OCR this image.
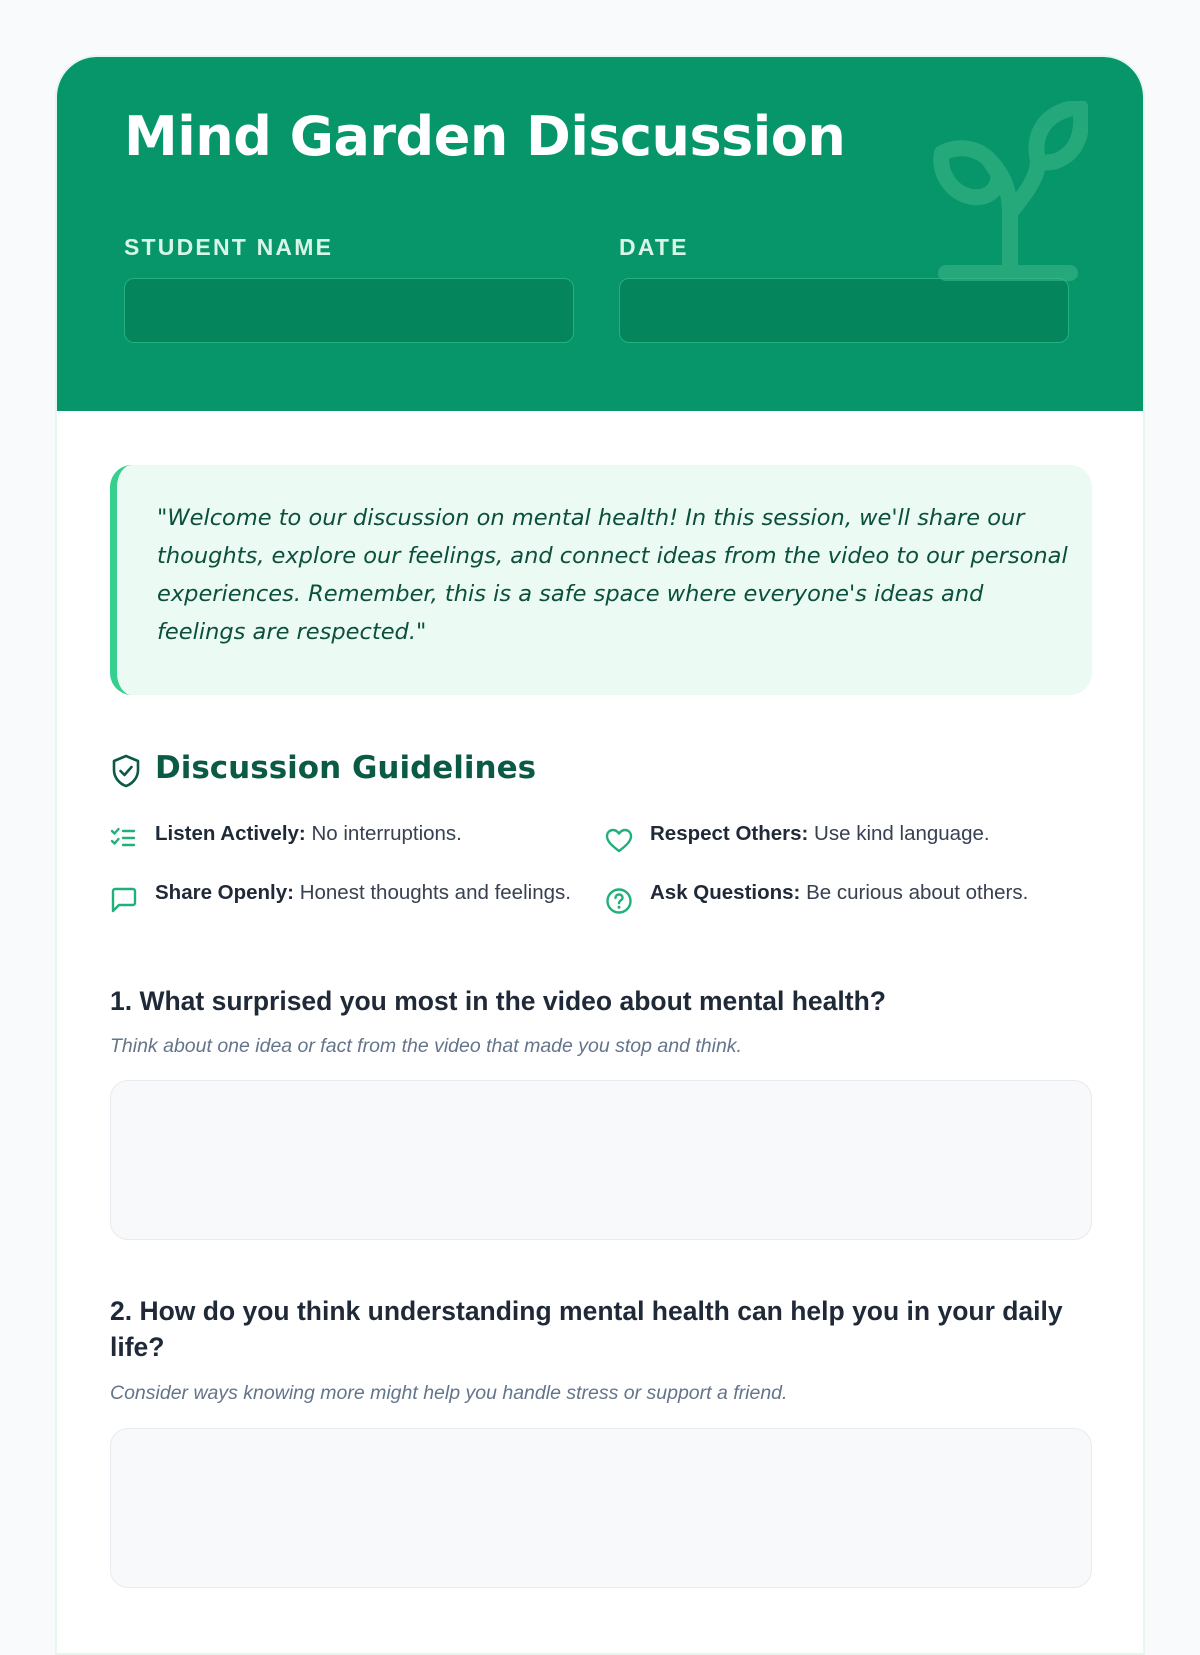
Mind Garden Discussion
STUDENT NAME	DATE

"Welcome to our discussion on mental health! In this session, we'll share our thoughts, explore our feelings, and connect ideas from the video to our personal experiences. Remember, this is a safe space where everyone's ideas and feelings are respected."

Discussion Guidelines
Listen Actively: No interruptions.	Respect Others: Use kind language.
Share Openly: Honest thoughts and feelings.	Ask Questions: Be curious about others.
1. What surprised you most in the video about mental health?

Think about one idea or fact from the video that made you stop and think.

2. How do you think understanding mental health can help you in your daily life?

Consider ways knowing more might help you handle stress or support a friend.
